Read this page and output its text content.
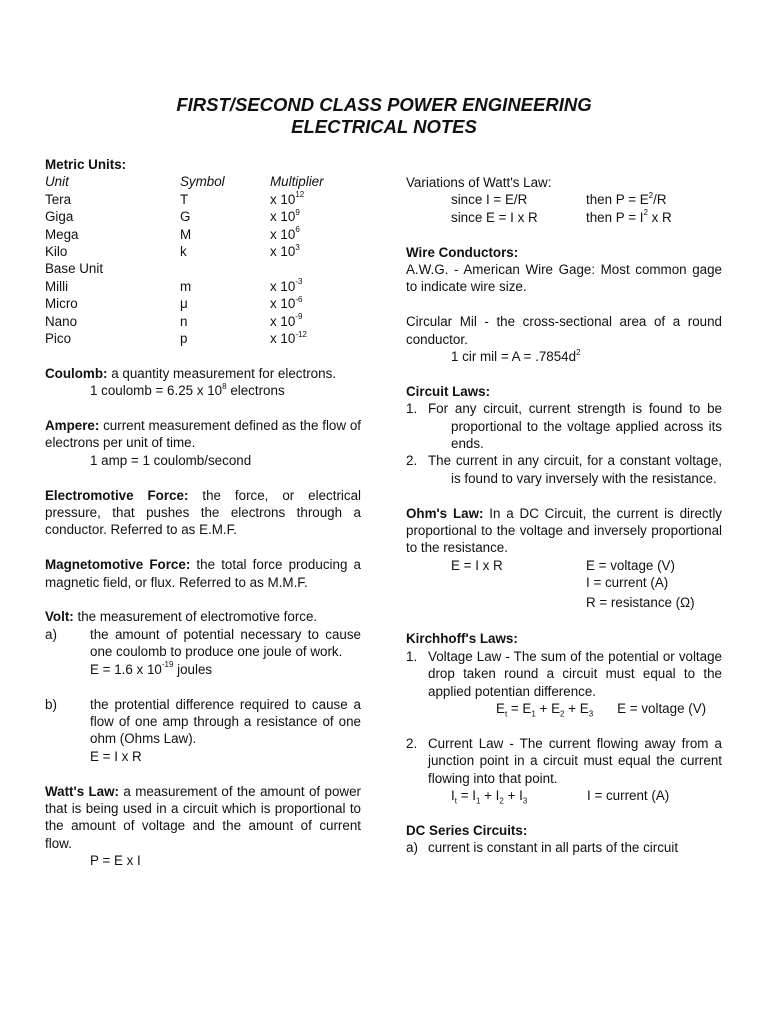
FIRST/SECOND CLASS POWER ENGINEERING
ELECTRICAL NOTES
Metric Units:
Unit	Symbol	Multiplier
Tera	T	x $10^{12}$
Giga	G	x $10^9$
Mega	M	x $10^6$
Kilo	k	x $10^3$
Base Unit		
Milli	m	x $10^{-3}$
Micro	μ	x $10^{-6}$
Nano	n	x $10^{-9}$
Pico	p	x $10^{-12}$
Coulomb: a quantity measurement for electrons.
1 coulomb = 6.25 x $10^8$ electrons
Ampere: current measurement defined as the flow of electrons per unit of time.
1 amp = 1 coulomb/second
Electromotive Force: the force, or electrical pressure, that pushes the electrons through a conductor. Referred to as E.M.F.
Magnetomotive Force: the total force producing a magnetic field, or flux. Referred to as M.M.F.
Volt: the measurement of electromotive force.
a) the amount of potential necessary to cause one coulomb to produce one joule of work.
E = 1.6 x $10^{-19}$ joules
b) the protential difference required to cause a flow of one amp through a resistance of one ohm (Ohms Law).
E = I x R
Watt's Law: a measurement of the amount of power that is being used in a circuit which is proportional to the amount of voltage and the amount of current flow.
P = E x I
Variations of Watt's Law:
since I = E/R	then $P = E^2/R$
since E = I x R	then $P = I^2$ x R
Wire Conductors:
A.W.G. - American Wire Gage: Most common gage to indicate wire size.
Circular Mil - the cross-sectional area of a round conductor.
1 cir mil = $A = .7854d^2$
Circuit Laws:
1. For any circuit, current strength is found to be proportional to the voltage applied across its ends.
2. The current in any circuit, for a constant voltage, is found to vary inversely with the resistance.
Ohm's Law: In a DC Circuit, the current is directly proportional to the voltage and inversely proportional to the resistance.
E = I x R	E = voltage (V)
I = current (A)
R = resistance (Ω)
Kirchhoff's Laws:
1. Voltage Law - The sum of the potential or voltage drop taken round a circuit must equal to the applied potentian difference.
$E_t = E_1 + E_2 + E_3$ E = voltage (V)
2. Current Law - The current flowing away from a junction point in a circuit must equal the current flowing into that point.
$I_t = I_1 + I_2 + I_3$	I = current (A)
DC Series Circuits:
a) current is constant in all parts of the circuit
